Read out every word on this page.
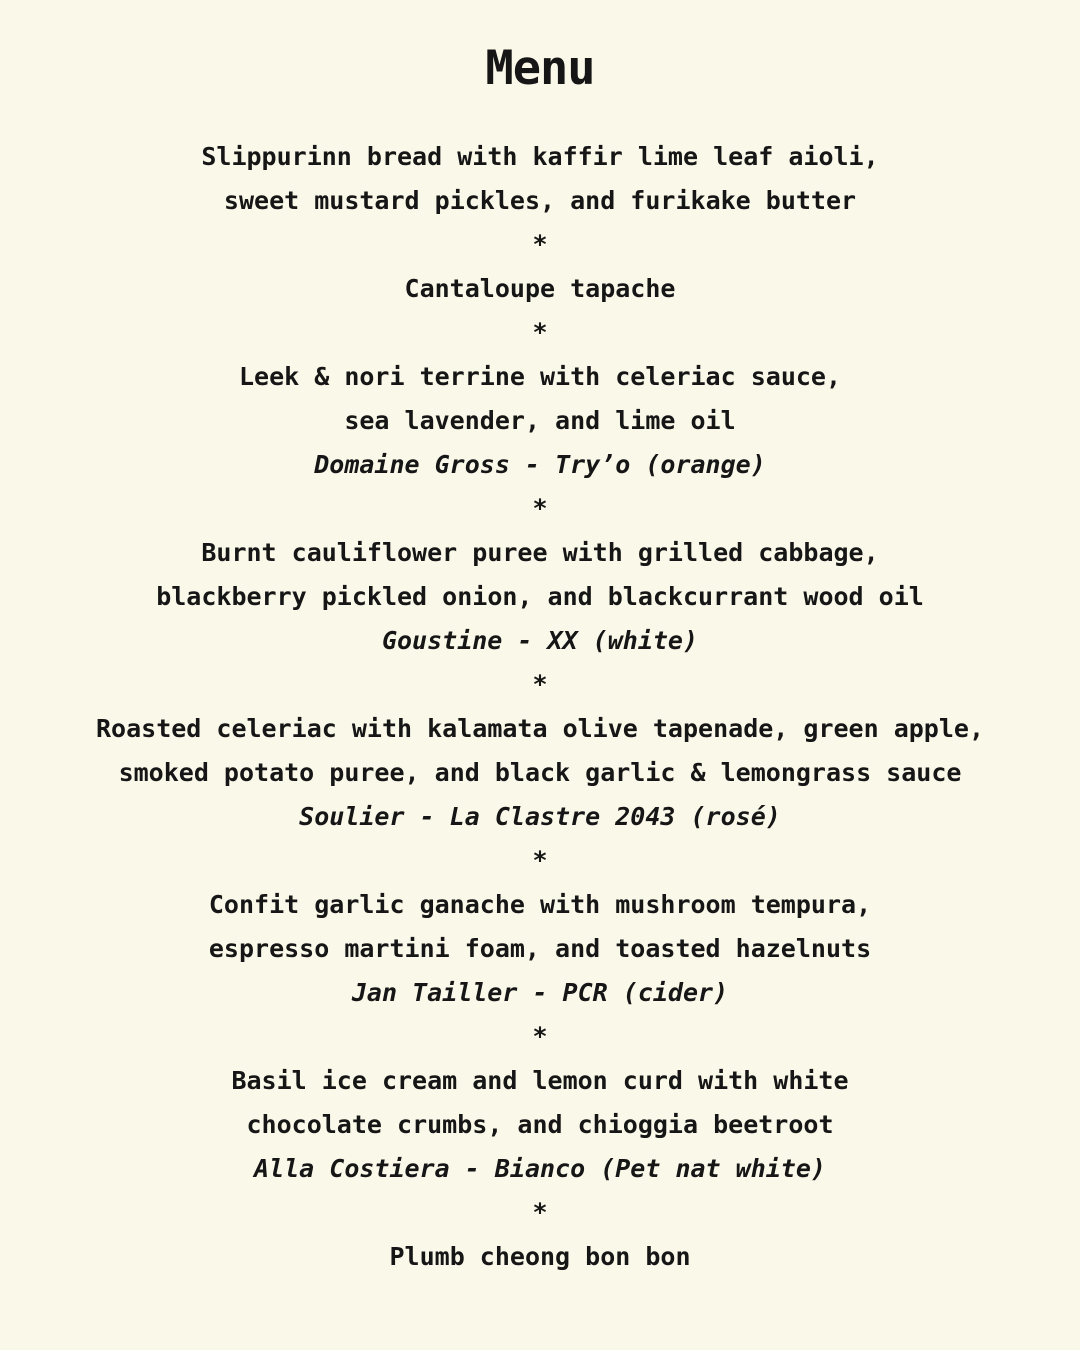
Menu
Slippurinn bread with kaffir lime leaf aioli,
sweet mustard pickles, and furikake butter
*
Cantaloupe tapache
*
Leek & nori terrine with celeriac sauce,
sea lavender, and lime oil
Domaine Gross - Try’o (orange)
*
Burnt cauliflower puree with grilled cabbage,
blackberry pickled onion, and blackcurrant wood oil
Goustine - XX (white)
*
Roasted celeriac with kalamata olive tapenade, green apple,
smoked potato puree, and black garlic & lemongrass sauce
Soulier - La Clastre 2043 (rosé)
*
Confit garlic ganache with mushroom tempura,
espresso martini foam, and toasted hazelnuts
Jan Tailler - PCR (cider)
*
Basil ice cream and lemon curd with white
chocolate crumbs, and chioggia beetroot
Alla Costiera - Bianco (Pet nat white)
*
Plumb cheong bon bon
